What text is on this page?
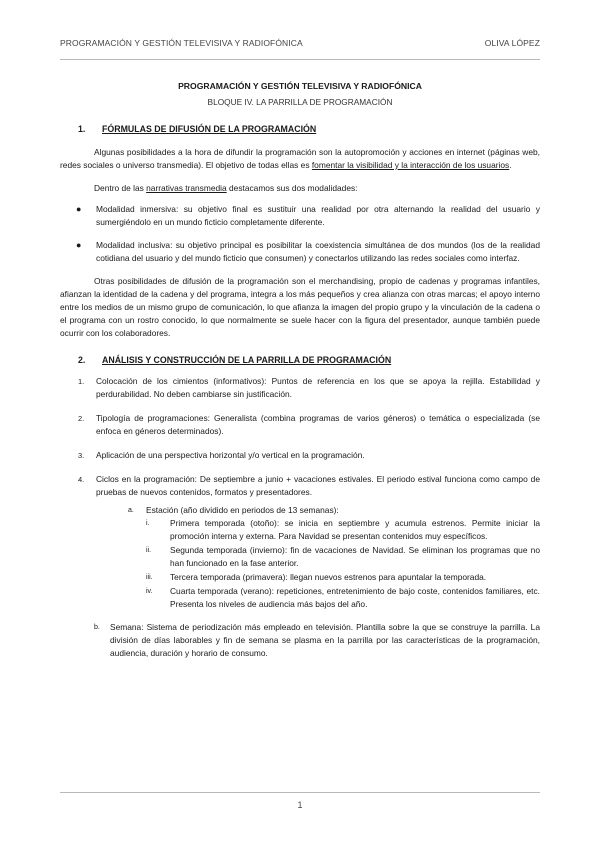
PROGRAMACIÓN Y GESTIÓN TELEVISIVA Y RADIOFÓNICA	OLIVA LÓPEZ

PROGRAMACIÓN Y GESTIÓN TELEVISIVA Y RADIOFÓNICA

BLOQUE IV. LA PARRILLA DE PROGRAMACIÓN

1. FÓRMULAS DE DIFUSIÓN DE LA PROGRAMACIÓN

Algunas posibilidades a la hora de difundir la programación son la autopromoción y acciones en internet (páginas web, redes sociales o universo transmedia). El objetivo de todas ellas es fomentar la visibilidad y la interacción de los usuarios.

Dentro de las narrativas transmedia destacamos sus dos modalidades:

● Modalidad inmersiva: su objetivo final es sustituir una realidad por otra alternando la realidad del usuario y sumergiéndolo en un mundo ficticio completamente diferente.
● Modalidad inclusiva: su objetivo principal es posibilitar la coexistencia simultánea de dos mundos (los de la realidad cotidiana del usuario y del mundo ficticio que consumen) y conectarlos utilizando las redes sociales como interfaz.

Otras posibilidades de difusión de la programación son el merchandising, propio de cadenas y programas infantiles, afianzan la identidad de la cadena y del programa, integra a los más pequeños y crea alianza con otras marcas; el apoyo interno entre los medios de un mismo grupo de comunicación, lo que afianza la imagen del propio grupo y la vinculación de la cadena o el programa con un rostro conocido, lo que normalmente se suele hacer con la figura del presentador, aunque también puede ocurrir con los colaboradores.

2. ANÁLISIS Y CONSTRUCCIÓN DE LA PARRILLA DE PROGRAMACIÓN
1. Colocación de los cimientos (informativos): Puntos de referencia en los que se apoya la rejilla. Estabilidad y perdurabilidad. No deben cambiarse sin justificación.
2. Tipología de programaciones: Generalista (combina programas de varios géneros) o temática o especializada (se enfoca en géneros determinados).
3. Aplicación de una perspectiva horizontal y/o vertical en la programación.
4. Ciclos en la programación: De septiembre a junio + vacaciones estivales. El periodo estival funciona como campo de pruebas de nuevos contenidos, formatos y presentadores.
a. Estación (año dividido en periodos de 13 semanas):
i. Primera temporada (otoño): se inicia en septiembre y acumula estrenos. Permite iniciar la promoción interna y externa. Para Navidad se presentan contenidos muy específicos.
ii. Segunda temporada (invierno): fin de vacaciones de Navidad. Se eliminan los programas que no han funcionado en la fase anterior.
iii. Tercera temporada (primavera): llegan nuevos estrenos para apuntalar la temporada.
iv. Cuarta temporada (verano): repeticiones, entretenimiento de bajo coste, contenidos familiares, etc. Presenta los niveles de audiencia más bajos del año.
b. Semana: Sistema de periodización más empleado en televisión. Plantilla sobre la que se construye la parrilla. La división de días laborables y fin de semana se plasma en la parrilla por las características de la programación, audiencia, duración y horario de consumo.
1
